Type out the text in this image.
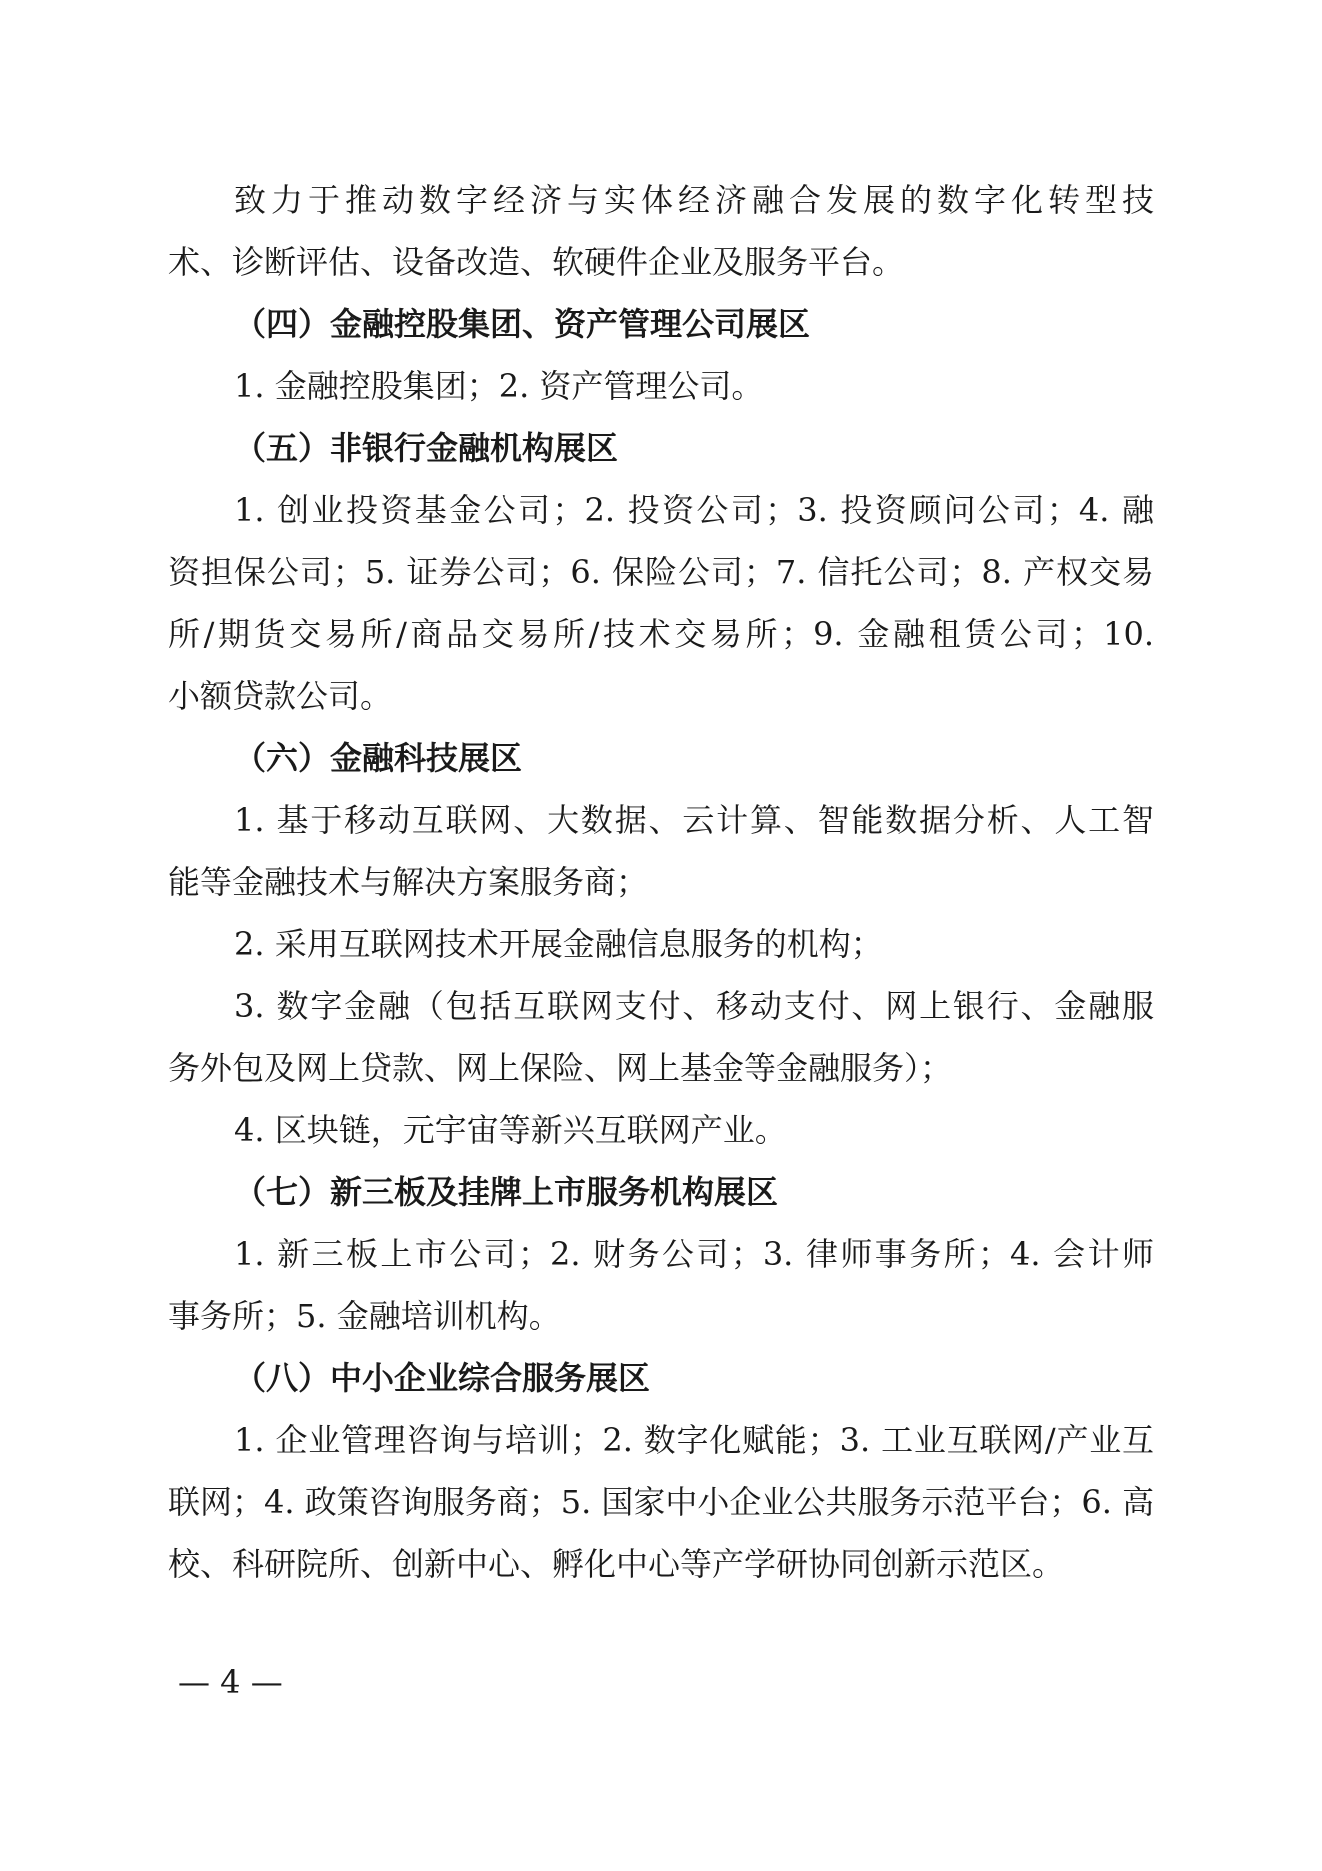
致力于推动数字经济与实体经济融合发展的数字化转型技
术、诊断评估、设备改造、软硬件企业及服务平台。
（四）金融控股集团、资产管理公司展区
1. 金融控股集团；2. 资产管理公司。
（五）非银行金融机构展区
1. 创业投资基金公司；2. 投资公司；3. 投资顾问公司；4. 融
资担保公司；5. 证券公司；6. 保险公司；7. 信托公司；8. 产权交易
所/期货交易所/商品交易所/技术交易所；9. 金融租赁公司；10.
小额贷款公司。
（六）金融科技展区
1. 基于移动互联网、大数据、云计算、智能数据分析、人工智
能等金融技术与解决方案服务商；
2. 采用互联网技术开展金融信息服务的机构；
3. 数字金融（包括互联网支付、移动支付、网上银行、金融服
务外包及网上贷款、网上保险、网上基金等金融服务）；
4. 区块链，元宇宙等新兴互联网产业。
（七）新三板及挂牌上市服务机构展区
1. 新三板上市公司；2. 财务公司；3. 律师事务所；4. 会计师
事务所；5. 金融培训机构。
（八）中小企业综合服务展区
1. 企业管理咨询与培训；2. 数字化赋能；3. 工业互联网/产业互
联网；4. 政策咨询服务商；5. 国家中小企业公共服务示范平台；6. 高
校、科研院所、创新中心、孵化中心等产学研协同创新示范区。
— 4 —
